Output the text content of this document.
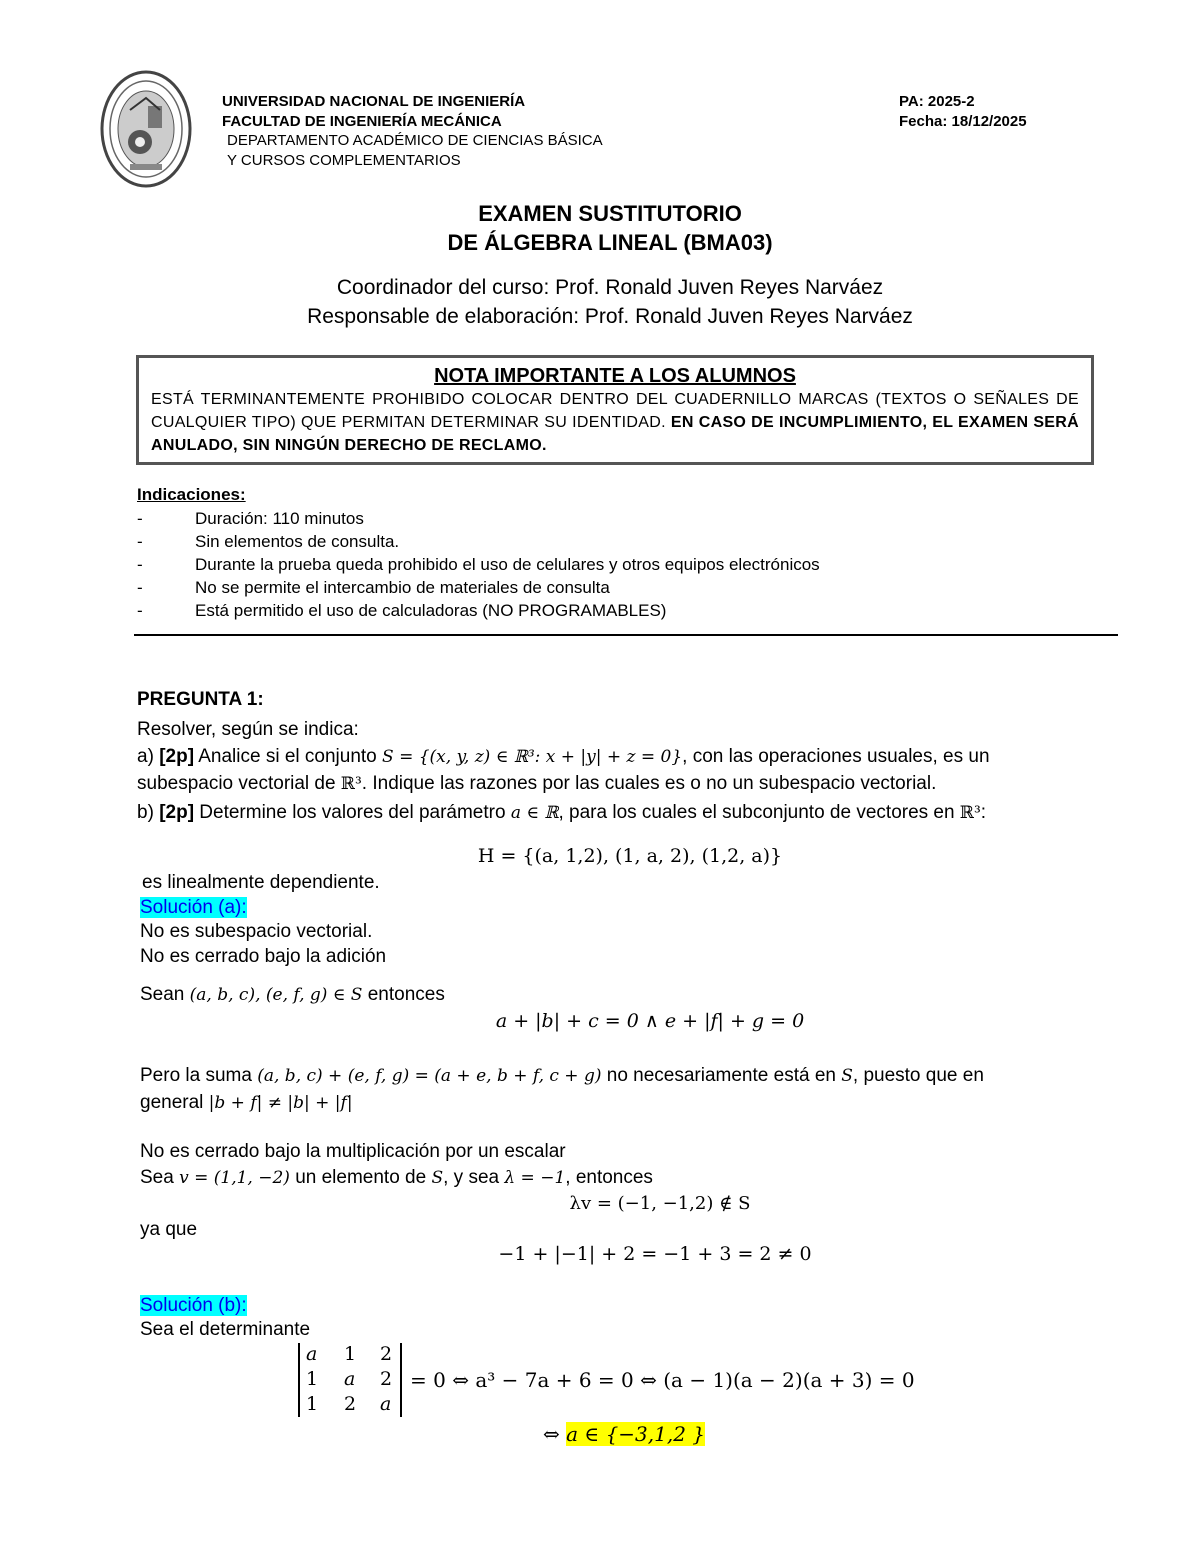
UNIVERSIDAD NACIONAL DE INGENIERÍA
FACULTAD DE INGENIERÍA MECÁNICA
DEPARTAMENTO ACADÉMICO DE CIENCIAS BÁSICA
Y CURSOS COMPLEMENTARIOS
PA: 2025-2
Fecha: 18/12/2025
EXAMEN SUSTITUTORIO
DE ÁLGEBRA LINEAL (BMA03)
Coordinador del curso: Prof. Ronald Juven Reyes Narváez
Responsable de elaboración: Prof. Ronald Juven Reyes Narváez
NOTA IMPORTANTE A LOS ALUMNOS
ESTÁ TERMINANTEMENTE PROHIBIDO COLOCAR DENTRO DEL CUADERNILLO MARCAS (TEXTOS O SEÑALES DE CUALQUIER TIPO) QUE PERMITAN DETERMINAR SU IDENTIDAD. EN CASO DE INCUMPLIMIENTO, EL EXAMEN SERÁ ANULADO, SIN NINGÚN DERECHO DE RECLAMO.
Indicaciones:
-	Duración: 110 minutos
-	Sin elementos de consulta.
-	Durante la prueba queda prohibido el uso de celulares y otros equipos electrónicos
-	No se permite el intercambio de materiales de consulta
-	Está permitido el uso de calculadoras (NO PROGRAMABLES)
PREGUNTA 1:
Resolver, según se indica:
a) [2p] Analice si el conjunto S = {(x, y, z) ∈ ℝ³: x + |y| + z = 0}, con las operaciones usuales, es un
subespacio vectorial de ℝ³. Indique las razones por las cuales es o no un subespacio vectorial.
b) [2p] Determine los valores del parámetro a ∈ ℝ, para los cuales el subconjunto de vectores en ℝ³:
H = {(a, 1,2), (1, a, 2), (1,2, a)}
es linealmente dependiente.
Solución (a):
No es subespacio vectorial.
No es cerrado bajo la adición
Sean (a, b, c), (e, f, g) ∈ S entonces
a + |b| + c = 0 ∧ e + |f| + g = 0
Pero la suma (a, b, c) + (e, f, g) = (a + e, b + f, c + g) no necesariamente está en S, puesto que en
general |b + f| ≠ |b| + |f|
No es cerrado bajo la multiplicación por un escalar
Sea v = (1,1, −2) un elemento de S, y sea λ = −1, entonces
λv = (−1, −1,2) ∉ S
ya que
−1 + |−1| + 2 = −1 + 3 = 2 ≠ 0
Solución (b):
Sea el determinante
a 1 2
1 a 2
1 2 a
= 0 ⇔ a³ − 7a + 6 = 0 ⇔ (a − 1)(a − 2)(a + 3) = 0
⇔ a ∈ {−3,1,2 }
